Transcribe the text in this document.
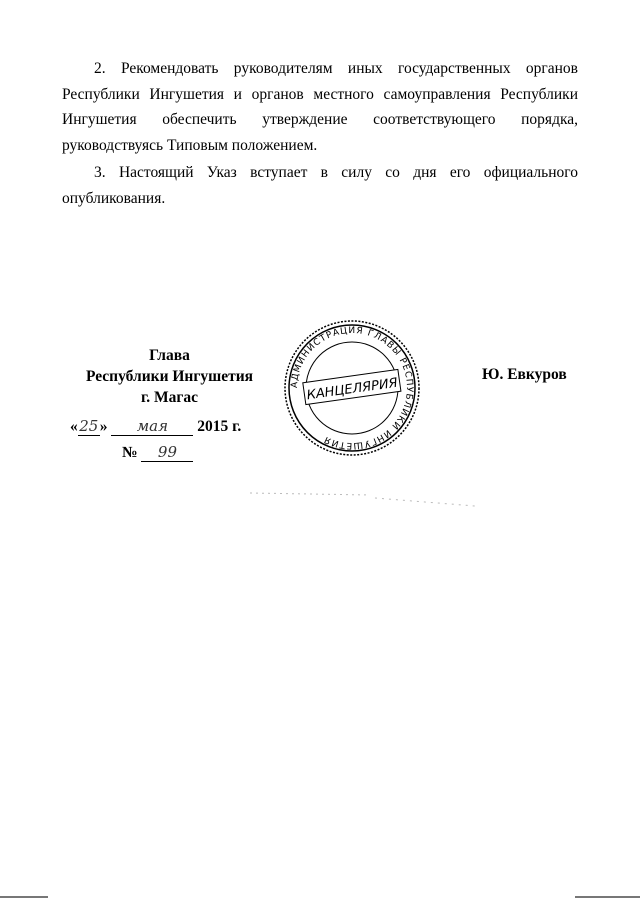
2. Рекомендовать руководителям иных государственных органов Республики Ингушетия и органов местного самоуправления Республики Ингушетия обеспечить утверждение соответствующего порядка, руководствуясь Типовым положением.

3. Настоящий Указ вступает в силу со дня его официального опубликования.

Глава
Республики Ингушетия
г. Магас
Ю. Евкуров
«25» мая 2015 г.
№ 99
АДМИНИСТРАЦИЯ ГЛАВЫ РЕСПУБЛИКИ ИНГУШЕТИЯ
КАНЦЕЛЯРИЯ
